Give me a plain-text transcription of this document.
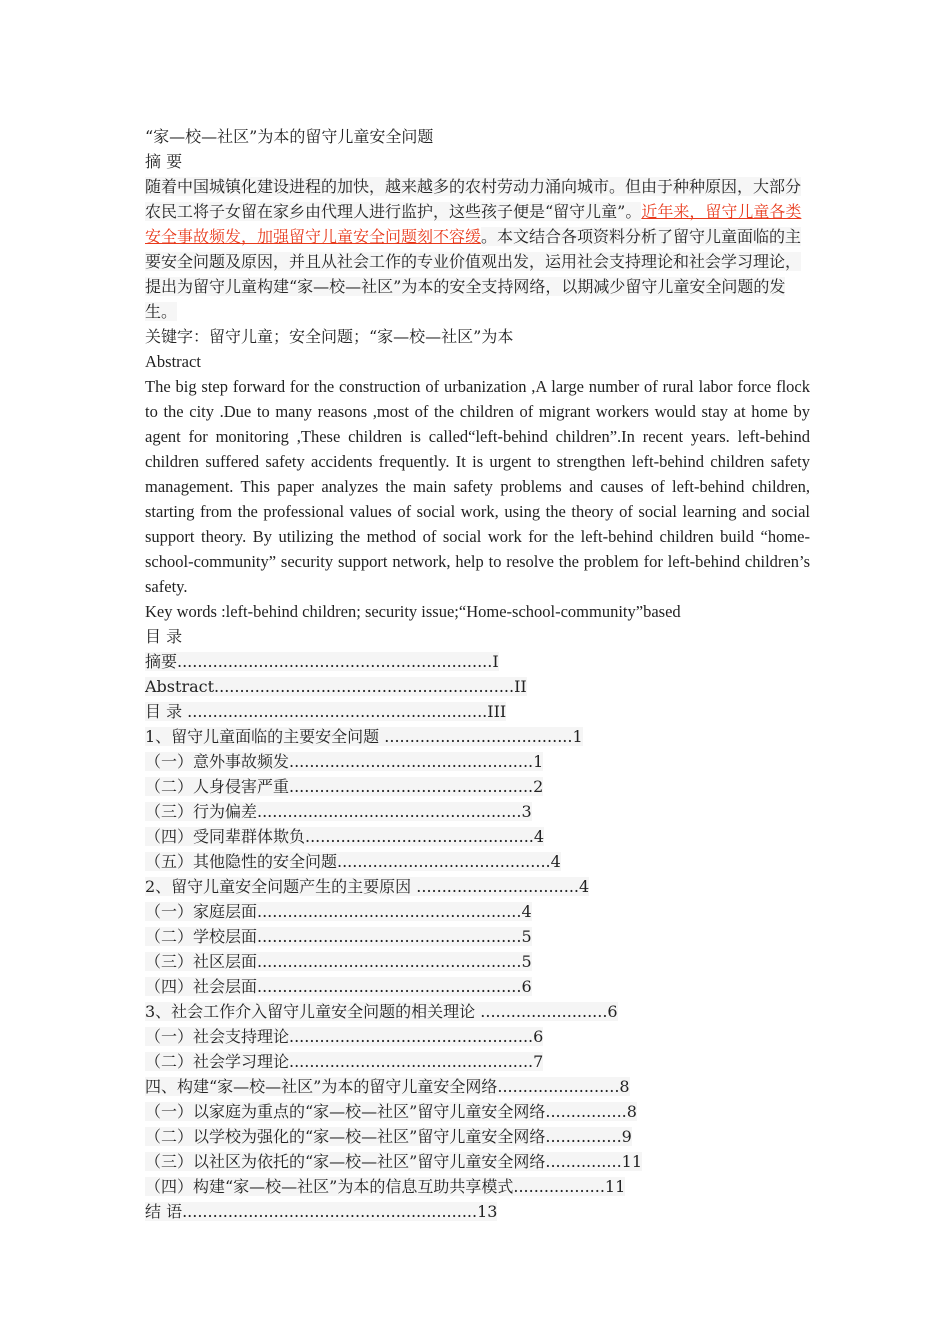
“家—校—社区”为本的留守儿童安全问题
摘 要
随着中国城镇化建设进程的加快，越来越多的农村劳动力涌向城市。但由于种种原因，大部分农民工将子女留在家乡由代理人进行监护，这些孩子便是“留守儿童”。近年来，留守儿童各类安全事故频发，加强留守儿童安全问题刻不容缓。本文结合各项资料分析了留守儿童面临的主要安全问题及原因，并且从社会工作的专业价值观出发，运用社会支持理论和社会学习理论，提出为留守儿童构建“家—校—社区”为本的安全支持网络，以期减少留守儿童安全问题的发生。
关键字：留守儿童；安全问题；“家—校—社区”为本
Abstract
The big step forward for the construction of urbanization ,A large number of rural labor force flock to the city .Due to many reasons ,most of the children of migrant workers would stay at home by agent for monitoring ,These children is called“left-behind children”.In recent years. left-behind children suffered safety accidents frequently. It is urgent to strengthen left-behind children safety management. This paper analyzes the main safety problems and causes of left-behind children, starting from the professional values of social work, using the theory of social learning and social support theory. By utilizing the method of social work for the left-behind children build “home-school-community” security support network, help to resolve the problem for left-behind children’s safety.
Key words :left-behind children; security issue;“Home-school-community”based
目 录
摘要..............................................................I
Abstract...........................................................II
目 录 ...........................................................III
1、留守儿童面临的主要安全问题 .....................................1
（一）意外事故频发................................................1
（二）人身侵害严重................................................2
（三）行为偏差....................................................3
（四）受同辈群体欺负.............................................4
（五）其他隐性的安全问题..........................................4
2、留守儿童安全问题产生的主要原因 ................................4
（一）家庭层面....................................................4
（二）学校层面....................................................5
（三）社区层面....................................................5
（四）社会层面....................................................6
3、社会工作介入留守儿童安全问题的相关理论 .........................6
（一）社会支持理论................................................6
（二）社会学习理论................................................7
四、构建“家—校—社区”为本的留守儿童安全网络........................8
（一）以家庭为重点的“家—校—社区”留守儿童安全网络................8
（二）以学校为强化的“家—校—社区”留守儿童安全网络...............9
（三）以社区为依托的“家—校—社区”留守儿童安全网络...............11
（四）构建“家—校—社区”为本的信息互助共享模式..................11
结 语..........................................................13
